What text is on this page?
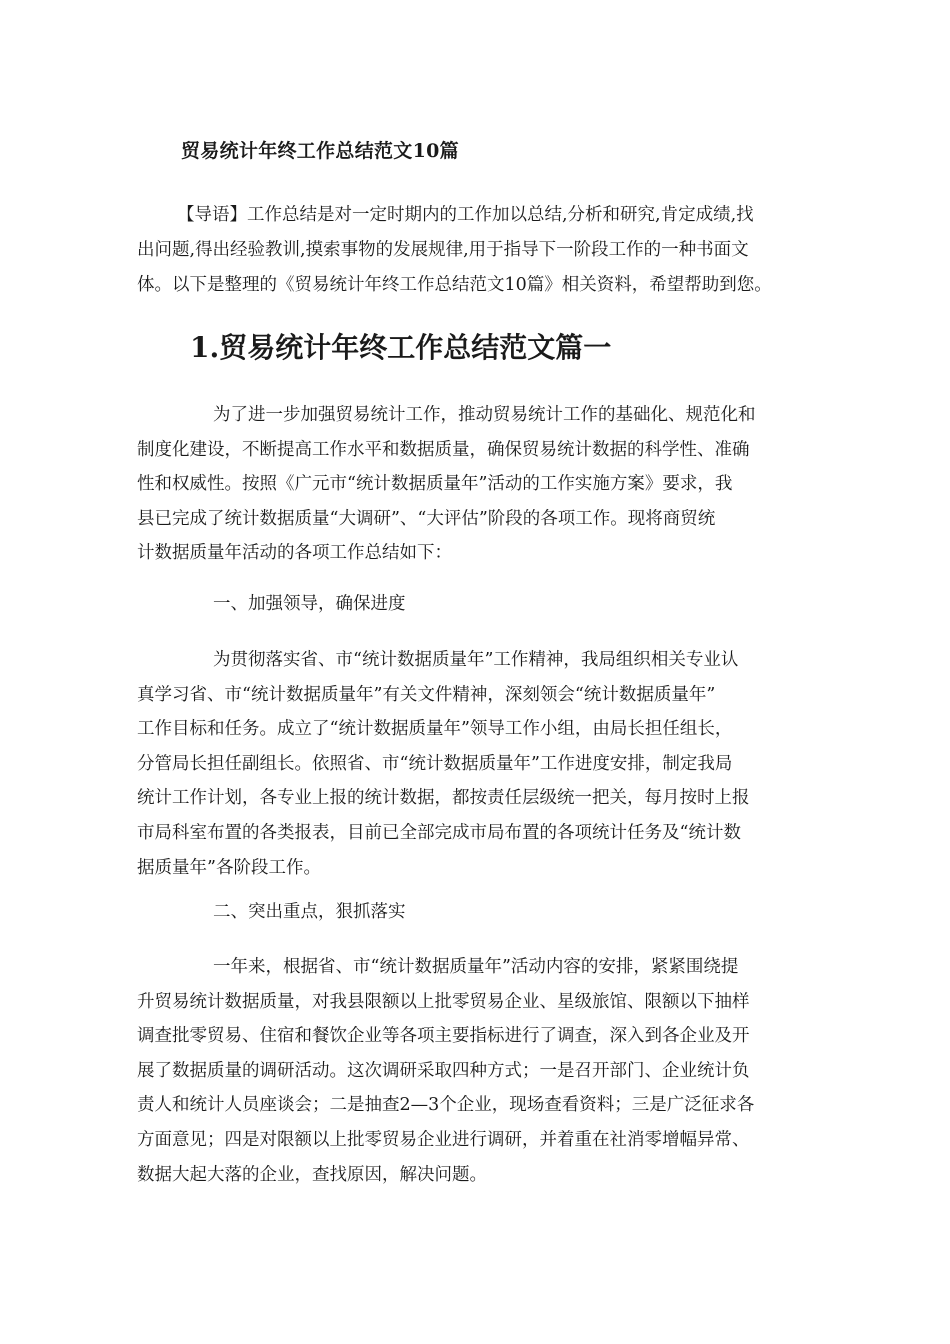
贸易统计年终工作总结范文10篇
【导语】工作总结是对一定时期内的工作加以总结,分析和研究,肯定成绩,找
出问题,得出经验教训,摸索事物的发展规律,用于指导下一阶段工作的一种书面文
体。以下是整理的《贸易统计年终工作总结范文10篇》相关资料，希望帮助到您。
1.贸易统计年终工作总结范文篇一
为了进一步加强贸易统计工作，推动贸易统计工作的基础化、规范化和
制度化建设，不断提高工作水平和数据质量，确保贸易统计数据的科学性、准确
性和权威性。按照《广元市“统计数据质量年”活动的工作实施方案》要求，我
县已完成了统计数据质量“大调研”、“大评估”阶段的各项工作。现将商贸统
计数据质量年活动的各项工作总结如下：
一、加强领导，确保进度
为贯彻落实省、市“统计数据质量年”工作精神，我局组织相关专业认
真学习省、市“统计数据质量年”有关文件精神，深刻领会“统计数据质量年”
工作目标和任务。成立了“统计数据质量年”领导工作小组，由局长担任组长，
分管局长担任副组长。依照省、市“统计数据质量年”工作进度安排，制定我局
统计工作计划，各专业上报的统计数据，都按责任层级统一把关，每月按时上报
市局科室布置的各类报表，目前已全部完成市局布置的各项统计任务及“统计数
据质量年”各阶段工作。
二、突出重点，狠抓落实
一年来，根据省、市“统计数据质量年”活动内容的安排，紧紧围绕提
升贸易统计数据质量，对我县限额以上批零贸易企业、星级旅馆、限额以下抽样
调查批零贸易、住宿和餐饮企业等各项主要指标进行了调查，深入到各企业及开
展了数据质量的调研活动。这次调研采取四种方式；一是召开部门、企业统计负
责人和统计人员座谈会；二是抽查2—3个企业，现场查看资料；三是广泛征求各
方面意见；四是对限额以上批零贸易企业进行调研，并着重在社消零增幅异常、
数据大起大落的企业，查找原因，解决问题。
